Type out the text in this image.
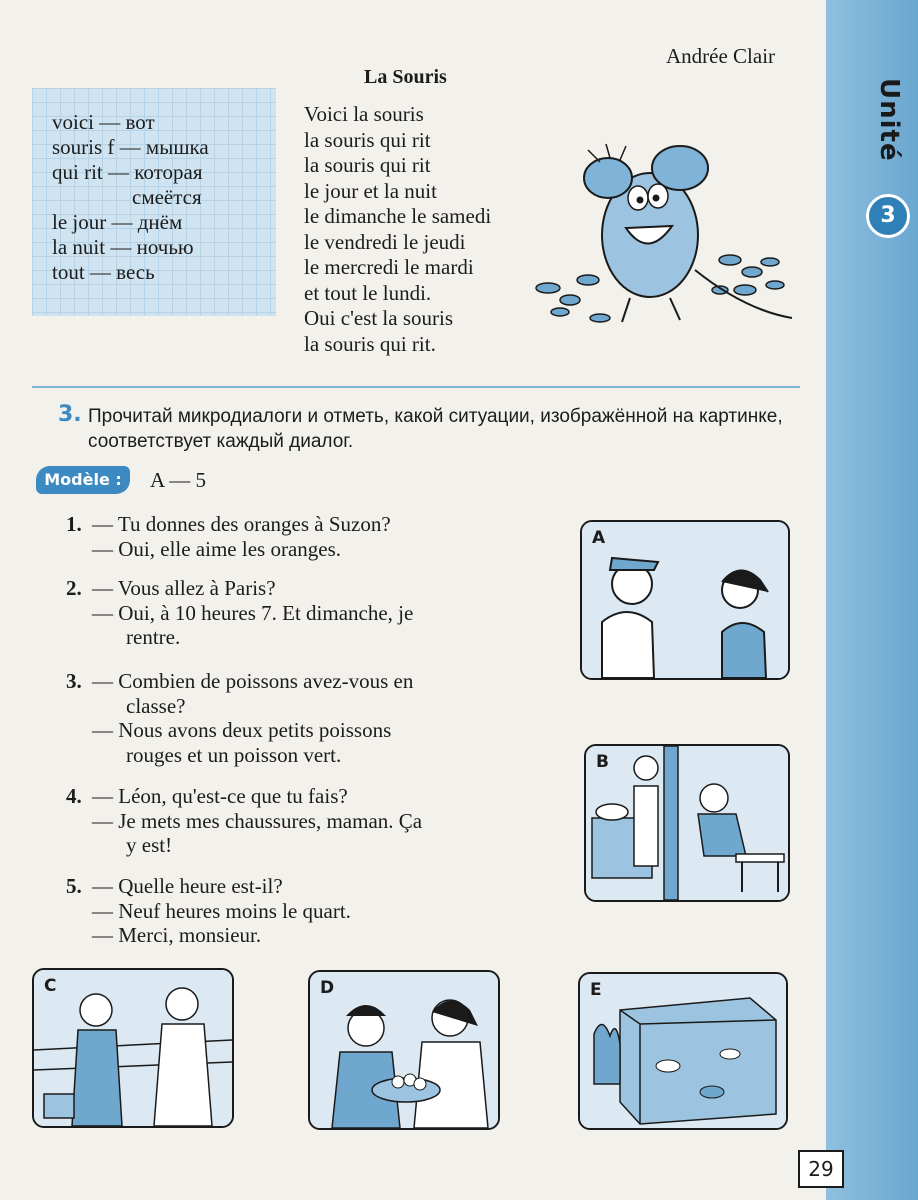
Unité
3
Andrée Clair
La Souris
voici — вот
souris f — мышка
qui rit — которая
смеётся
le jour — днём
la nuit — ночью
tout — весь
Voici la souris
la souris qui rit
la souris qui rit
le jour et la nuit
le dimanche le samedi
le vendredi le jeudi
le mercredi le mardi
et tout le lundi.
Oui c'est la souris
la souris qui rit.
3. Прочитай микродиалоги и отметь, какой ситуации, изображённой на картинке, соответствует каждый диалог.
Modèle :	A — 5
1. — Tu donnes des oranges à Suzon?
— Oui, elle aime les oranges.
2. — Vous allez à Paris?
— Oui, à 10 heures 7. Et dimanche, je
rentre.
3. — Combien de poissons avez-vous en
classe?
— Nous avons deux petits poissons
rouges et un poisson vert.
4. — Léon, qu'est-ce que tu fais?
— Je mets mes chaussures, maman. Ça
y est!
5. — Quelle heure est-il?
— Neuf heures moins le quart.
— Merci, monsieur.
A
B
C	D	E
29
